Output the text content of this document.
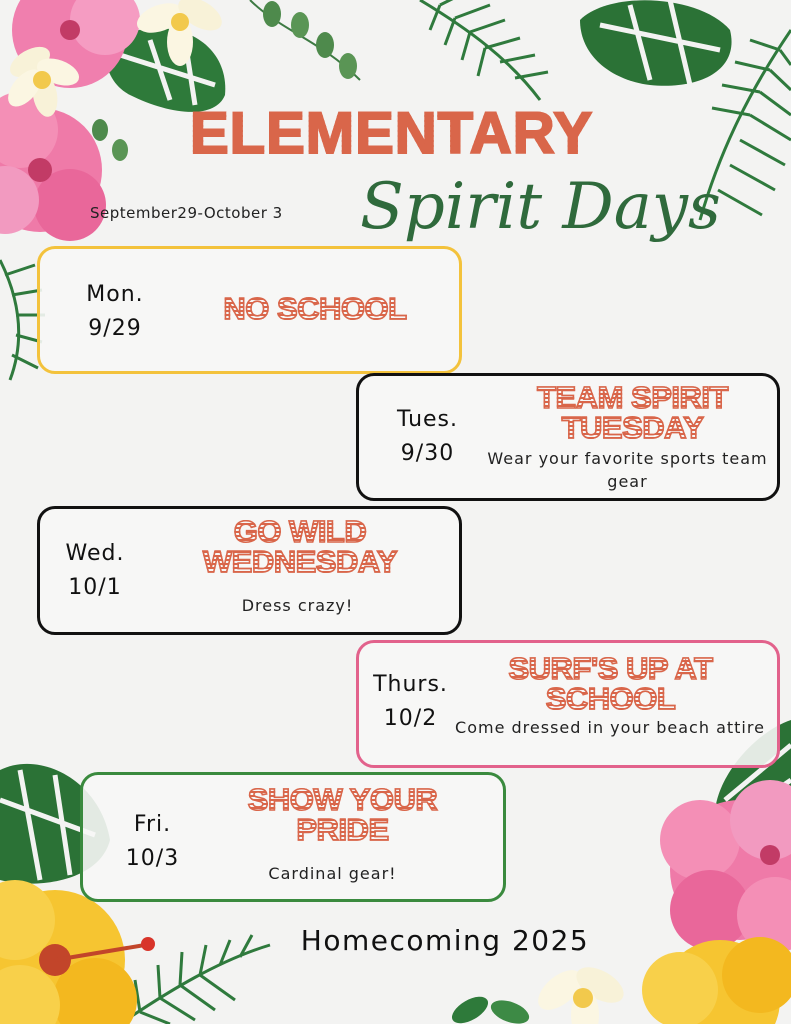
ELEMENTARY
Spirit Days
September29-October 3
Mon.
9/29
NO SCHOOL
Tues.
9/30
TEAM SPIRIT TUESDAY
Wear your favorite sports team gear
Wed.
10/1
GO WILD WEDNESDAY
Dress crazy!
Thurs.
10/2
SURF'S UP AT SCHOOL
Come dressed in your beach attire
Fri.
10/3
SHOW YOUR PRIDE
Cardinal gear!
Homecoming 2025
